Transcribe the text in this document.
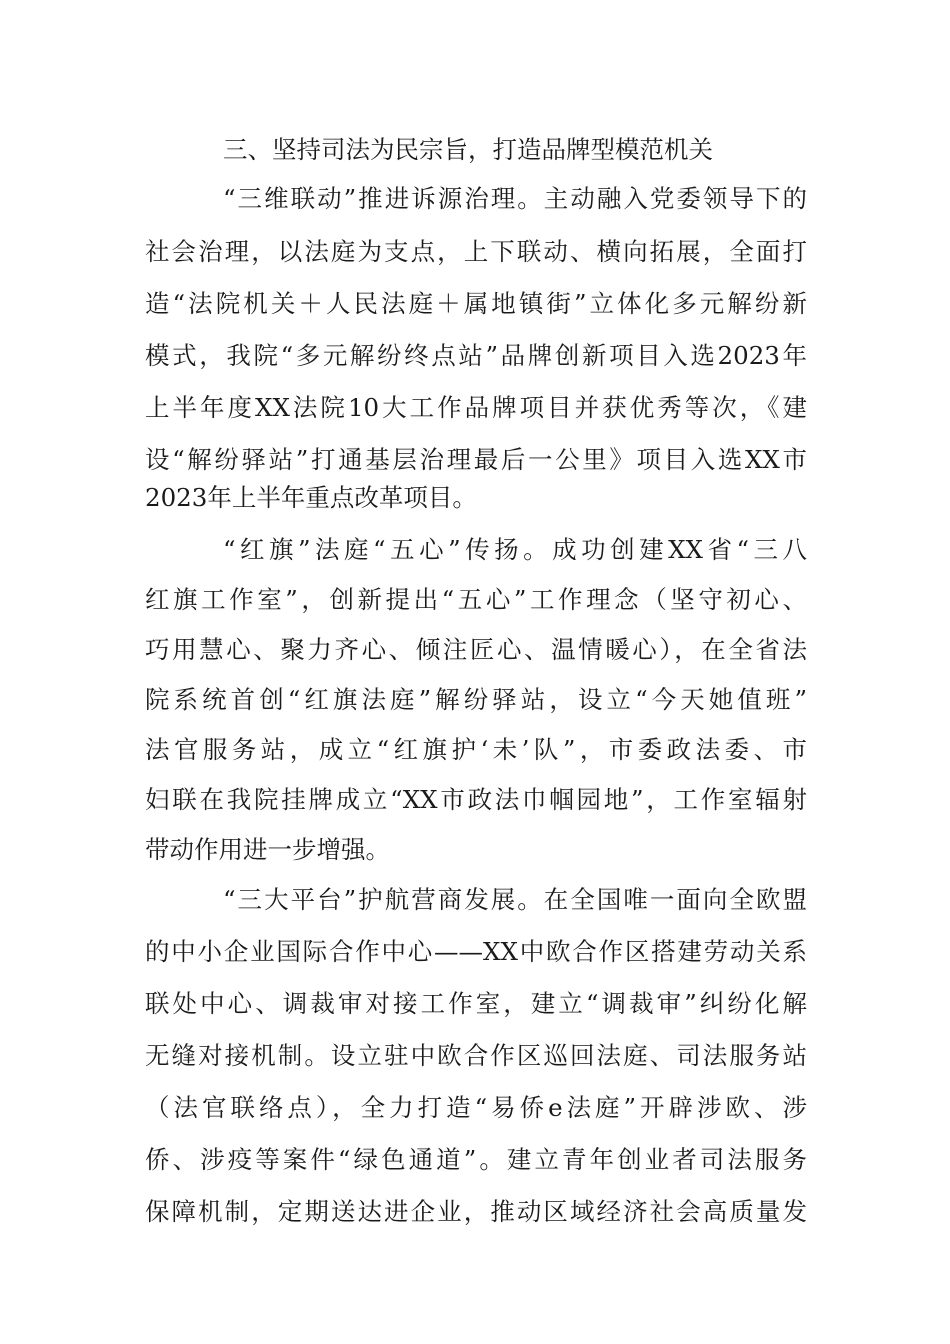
三、坚持司法为民宗旨，打造品牌型模范机关
“三维联动”推进诉源治理。主动融入党委领导下的
社会治理，以法庭为支点，上下联动、横向拓展，全面打
造“法院机关＋人民法庭＋属地镇街”立体化多元解纷新
模式，我院“多元解纷终点站”品牌创新项目入选2023年
上半年度XX法院10大工作品牌项目并获优秀等次，《建
设“解纷驿站”打通基层治理最后一公里》项目入选XX市
2023年上半年重点改革项目。
“红旗”法庭“五心”传扬。成功创建XX省“三八
红旗工作室”，创新提出“五心”工作理念（坚守初心、
巧用慧心、聚力齐心、倾注匠心、温情暖心），在全省法
院系统首创“红旗法庭”解纷驿站，设立“今天她值班”
法官服务站，成立“红旗护‘未’队”，市委政法委、市
妇联在我院挂牌成立“XX市政法巾帼园地”，工作室辐射
带动作用进一步增强。
“三大平台”护航营商发展。在全国唯一面向全欧盟
的中小企业国际合作中心——XX中欧合作区搭建劳动关系
联处中心、调裁审对接工作室，建立“调裁审”纠纷化解
无缝对接机制。设立驻中欧合作区巡回法庭、司法服务站
（法官联络点），全力打造“易侨e法庭”开辟涉欧、涉
侨、涉疫等案件“绿色通道”。建立青年创业者司法服务
保障机制，定期送达进企业，推动区域经济社会高质量发
